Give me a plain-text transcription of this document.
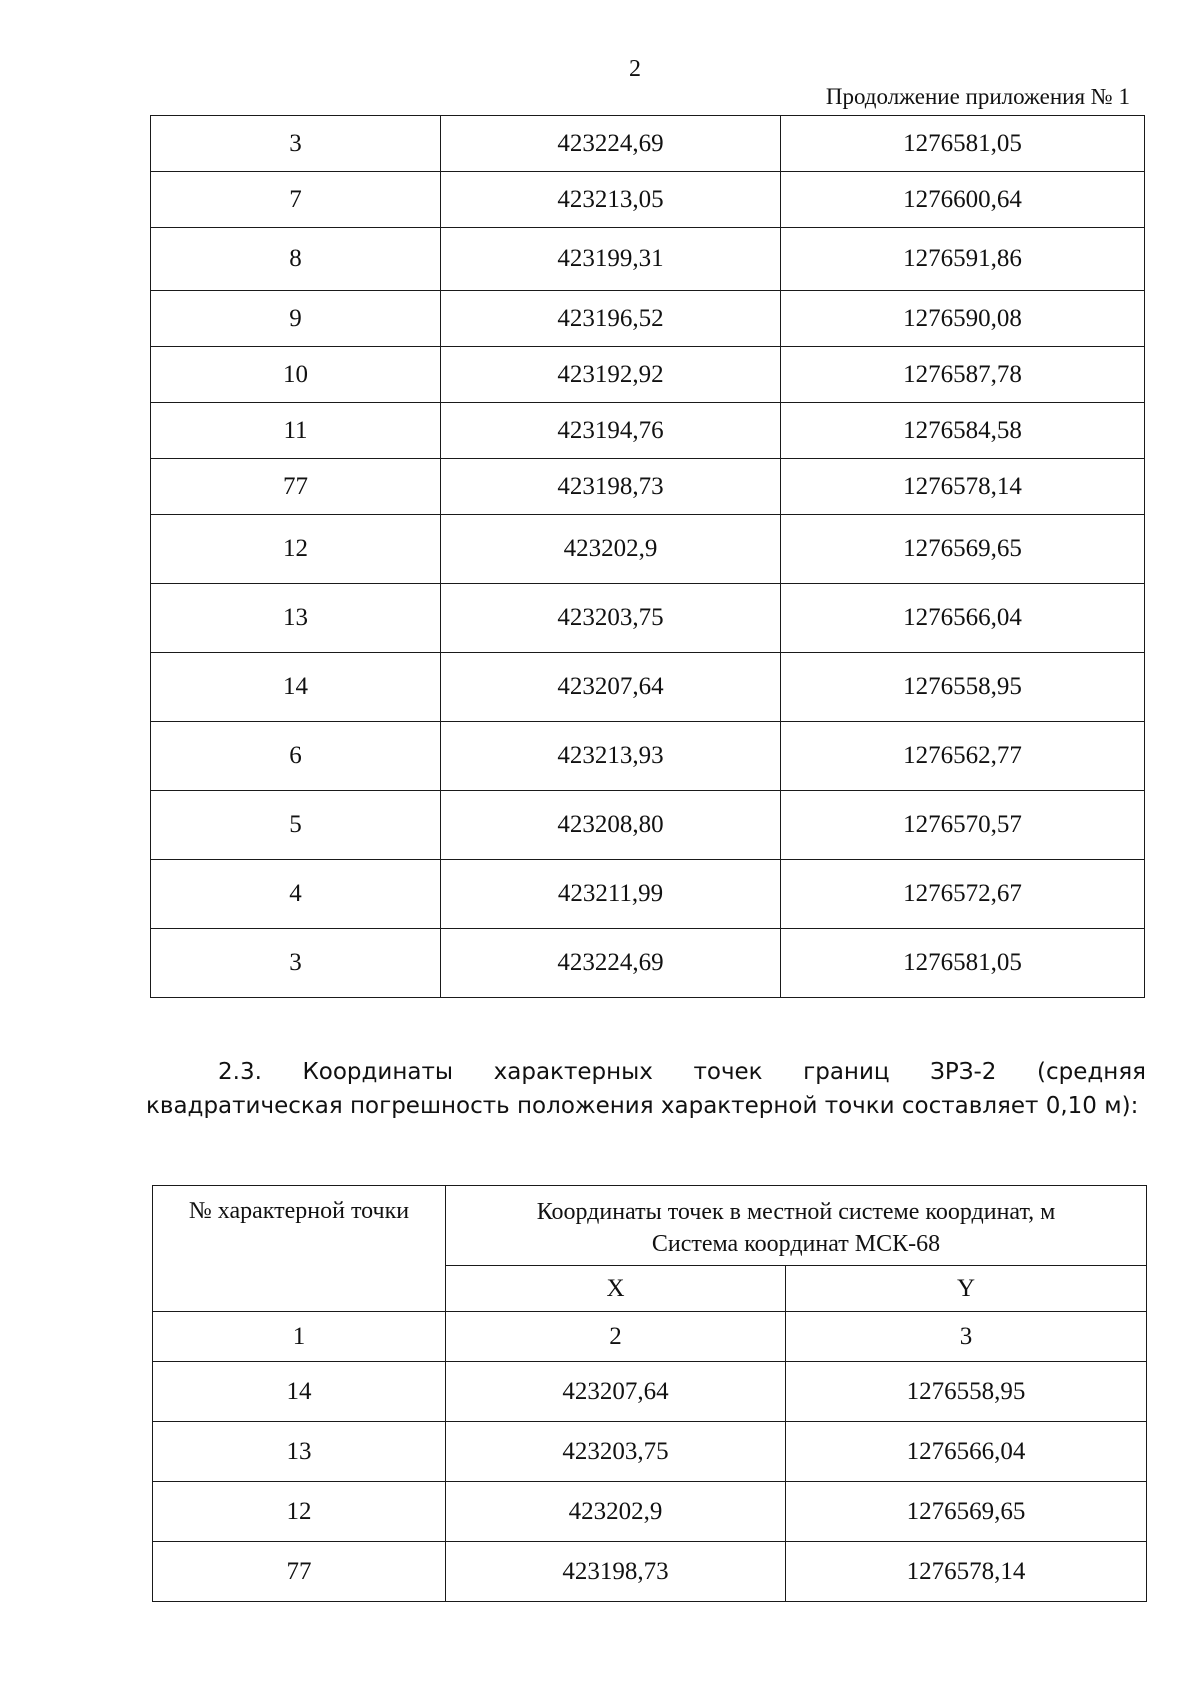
2
Продолжение приложения № 1
3	423224,69	1276581,05
7	423213,05	1276600,64
8	423199,31	1276591,86
9	423196,52	1276590,08
10	423192,92	1276587,78
11	423194,76	1276584,58
77	423198,73	1276578,14
12	423202,9	1276569,65
13	423203,75	1276566,04
14	423207,64	1276558,95
6	423213,93	1276562,77
5	423208,80	1276570,57
4	423211,99	1276572,67
3	423224,69	1276581,05
2.3. Координаты характерных точек границ ЗРЗ-2 (средняя квадратическая погрешность положения характерной точки составляет 0,10 м):
№ характерной точки	Координаты точек в местной системе координат, м
Система координат МСК-68	

	X	Y
1	2	3
14	423207,64	1276558,95
13	423203,75	1276566,04
12	423202,9	1276569,65
77	423198,73	1276578,14
